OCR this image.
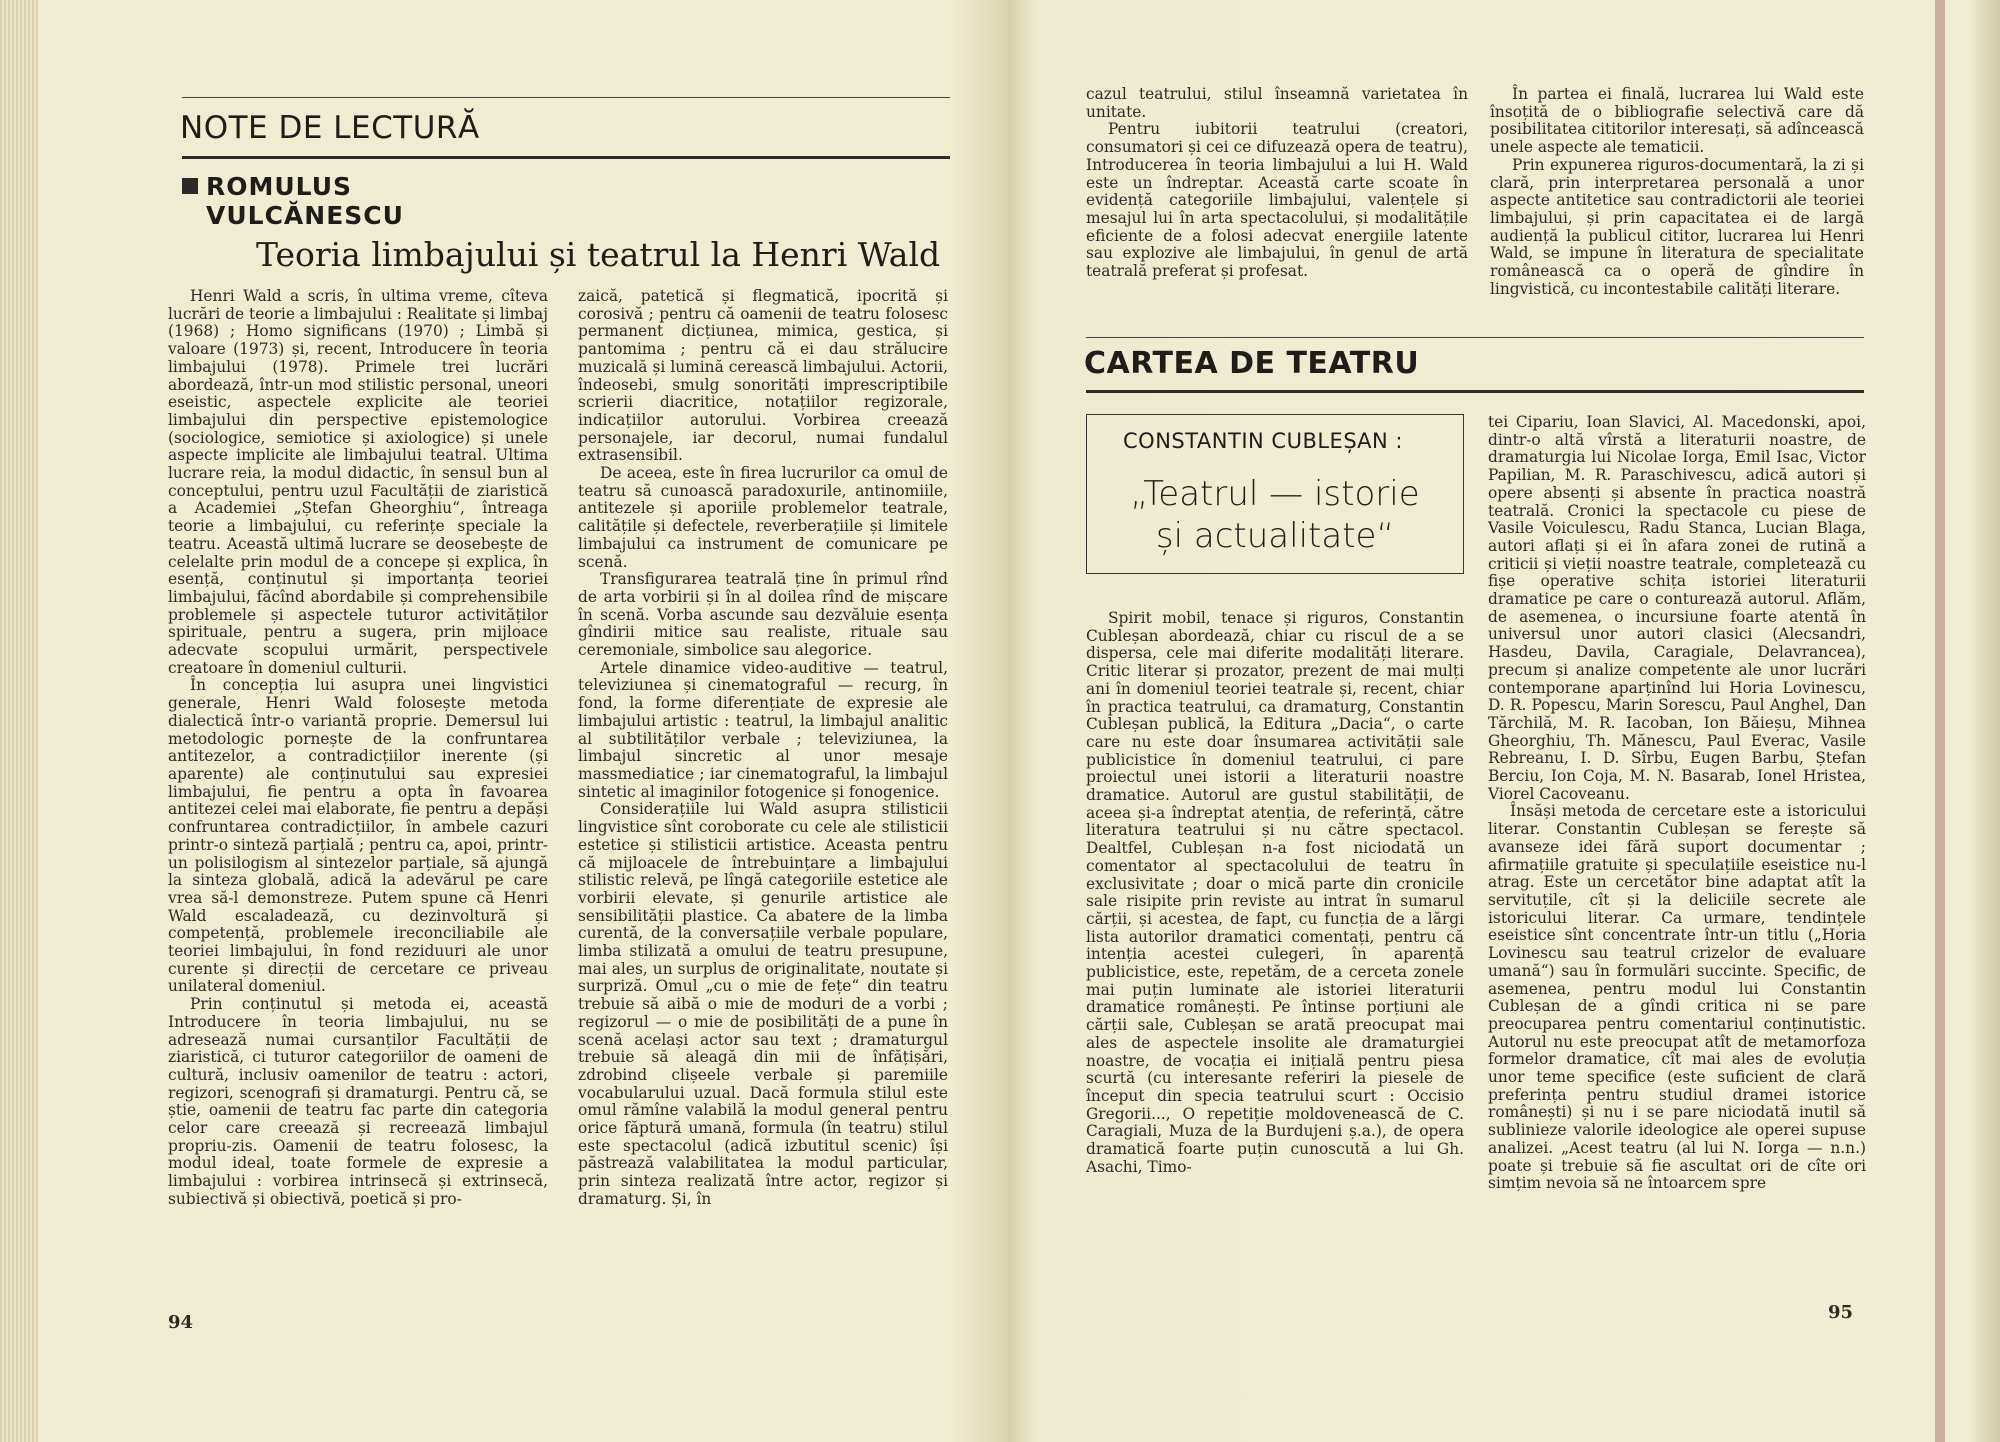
NOTE DE LECTURĂ
ROMULUS
VULCĂNESCU
Teoria limbajului și teatrul la Henri Wald

Henri Wald a scris, în ultima vreme, cîteva lucrări de teorie a limbajului : Realitate și limbaj (1968) ; Homo significans (1970) ; Limbă și valoare (1973) și, recent, Introducere în teoria limbajului (1978). Primele trei lucrări abordează, într-un mod stilistic personal, uneori eseistic, aspectele explicite ale teoriei limbajului din perspective epistemologice (sociologice, semiotice și axiologice) și unele aspecte implicite ale limbajului teatral. Ultima lucrare reia, la modul didactic, în sensul bun al conceptului, pentru uzul Facultății de ziaristică a Academiei „Ștefan Gheorghiu“, întreaga teorie a limbajului, cu referințe speciale la teatru. Această ultimă lucrare se deosebește de celelalte prin modul de a concepe și explica, în esență, conținutul și importanța teoriei limbajului, făcînd abordabile și comprehensibile problemele și aspectele tuturor activităților spirituale, pentru a sugera, prin mijloace adecvate scopului urmărit, perspectivele creatoare în domeniul culturii.

În concepția lui asupra unei lingvistici generale, Henri Wald folosește metoda dialectică într-o variantă proprie. Demersul lui metodologic pornește de la confruntarea antitezelor, a contradicțiilor inerente (și aparente) ale conținutului sau expresiei limbajului, fie pentru a opta în favoarea antitezei celei mai elaborate, fie pentru a depăși confruntarea contradicțiilor, în ambele cazuri printr-o sinteză parțială ; pentru ca, apoi, printr-un polisilogism al sintezelor parțiale, să ajungă la sinteza globală, adică la adevărul pe care vrea să-l demonstreze. Putem spune că Henri Wald escaladează, cu dezinvoltură și competență, problemele ireconciliabile ale teoriei limbajului, în fond reziduuri ale unor curente și direcții de cercetare ce priveau unilateral domeniul.

Prin conținutul și metoda ei, această Introducere în teoria limbajului, nu se adresează numai cursanților Facultății de ziaristică, ci tuturor categoriilor de oameni de cultură, inclusiv oamenilor de teatru : actori, regizori, scenografi și dramaturgi. Pentru că, se știe, oamenii de teatru fac parte din categoria celor care creează și recreează limbajul propriu-zis. Oamenii de teatru folosesc, la modul ideal, toate formele de expresie a limbajului : vorbirea intrinsecă și extrinsecă, subiectivă și obiectivă, poetică și pro-

zaică, patetică și flegmatică, ipocrită și corosivă ; pentru că oamenii de teatru folosesc permanent dicțiunea, mimica, gestica, și pantomima ; pentru că ei dau strălucire muzicală și lumină cerească limbajului. Actorii, îndeosebi, smulg sonorități imprescriptibile scrierii diacritice, notațiilor regizorale, indicațiilor autorului. Vorbirea creează personajele, iar decorul, numai fundalul extrasensibil.

De aceea, este în firea lucrurilor ca omul de teatru să cunoască paradoxurile, antinomiile, antitezele și aporiile problemelor teatrale, calitățile și defectele, reverberațiile și limitele limbajului ca instrument de comunicare pe scenă.

Transfigurarea teatrală ține în primul rînd de arta vorbirii și în al doilea rînd de mișcare în scenă. Vorba ascunde sau dezvăluie esența gîndirii mitice sau realiste, rituale sau ceremoniale, simbolice sau alegorice.

Artele dinamice video-auditive — teatrul, televiziunea și cinematograful — recurg, în fond, la forme diferențiate de expresie ale limbajului artistic : teatrul, la limbajul analitic al subtilităților verbale ; televiziunea, la limbajul sincretic al unor mesaje massmediatice ; iar cinematograful, la limbajul sintetic al imaginilor fotogenice și fonogenice.

Considerațiile lui Wald asupra stilisticii lingvistice sînt coroborate cu cele ale stilisticii estetice și stilisticii artistice. Aceasta pentru că mijloacele de întrebuințare a limbajului stilistic relevă, pe lîngă categoriile estetice ale vorbirii elevate, și genurile artistice ale sensibilității plastice. Ca abatere de la limba curentă, de la conversațiile verbale populare, limba stilizată a omului de teatru presupune, mai ales, un surplus de originalitate, noutate și surpriză. Omul „cu o mie de fețe“ din teatru trebuie să aibă o mie de moduri de a vorbi ; regizorul — o mie de posibilități de a pune în scenă același actor sau text ; dramaturgul trebuie să aleagă din mii de înfățișări, zdrobind clișeele verbale și paremiile vocabularului uzual. Dacă formula stilul este omul rămîne valabilă la modul general pentru orice făptură umană, formula (în teatru) stilul este spectacolul (adică izbutitul scenic) își păstrează valabilitatea la modul particular, prin sinteza realizată între actor, regizor și dramaturg. Și, în

94

cazul teatrului, stilul înseamnă varietatea în unitate.

Pentru iubitorii teatrului (creatori, consumatori și cei ce difuzează opera de teatru), Introducerea în teoria limbajului a lui H. Wald este un îndreptar. Această carte scoate în evidență categoriile limbajului, valențele și mesajul lui în arta spectacolului, și modalitățile eficiente de a folosi adecvat energiile latente sau explozive ale limbajului, în genul de artă teatrală preferat și profesat.

În partea ei finală, lucrarea lui Wald este însoțită de o bibliografie selectivă care dă posibilitatea cititorilor interesați, să adîncească unele aspecte ale tematicii.

Prin expunerea riguros-documentară, la zi și clară, prin interpretarea personală a unor aspecte antitetice sau contradictorii ale teoriei limbajului, și prin capacitatea ei de largă audiență la publicul cititor, lucrarea lui Henri Wald, se impune în literatura de specialitate românească ca o operă de gîndire în lingvistică, cu incontestabile calități literare.

CARTEA DE TEATRU
CONSTANTIN CUBLEȘAN :
„Teatrul — istorie
și actualitate“

Spirit mobil, tenace și riguros, Constantin Cubleșan abordează, chiar cu riscul de a se dispersa, cele mai diferite modalități literare. Critic literar și prozator, prezent de mai mulți ani în domeniul teoriei teatrale și, recent, chiar în practica teatrului, ca dramaturg, Constantin Cubleșan publică, la Editura „Dacia“, o carte care nu este doar însumarea activității sale publicistice în domeniul teatrului, ci pare proiectul unei istorii a literaturii noastre dramatice. Autorul are gustul stabilității, de aceea și-a îndreptat atenția, de referință, către literatura teatrului și nu către spectacol. Dealtfel, Cubleșan n-a fost niciodată un comentator al spectacolului de teatru în exclusivitate ; doar o mică parte din cronicile sale risipite prin reviste au intrat în sumarul cărții, și acestea, de fapt, cu funcția de a lărgi lista autorilor dramatici comentați, pentru că intenția acestei culegeri, în aparență publicistice, este, repetăm, de a cerceta zonele mai puțin luminate ale istoriei literaturii dramatice românești. Pe întinse porțiuni ale cărții sale, Cubleșan se arată preocupat mai ales de aspectele insolite ale dramaturgiei noastre, de vocația ei inițială pentru piesa scurtă (cu interesante referiri la piesele de început din specia teatrului scurt : Occisio Gregorii..., O repetiție moldovenească de C. Caragiali, Muza de la Burdujeni ș.a.), de opera dramatică foarte puțin cunoscută a lui Gh. Asachi, Timo-

tei Cipariu, Ioan Slavici, Al. Macedonski, apoi, dintr-o altă vîrstă a literaturii noastre, de dramaturgia lui Nicolae Iorga, Emil Isac, Victor Papilian, M. R. Paraschivescu, adică autori și opere absenți și absente în practica noastră teatrală. Cronici la spectacole cu piese de Vasile Voiculescu, Radu Stanca, Lucian Blaga, autori aflați și ei în afara zonei de rutină a criticii și vieții noastre teatrale, completează cu fișe operative schița istoriei literaturii dramatice pe care o conturează autorul. Aflăm, de asemenea, o incursiune foarte atentă în universul unor autori clasici (Alecsandri, Hasdeu, Davila, Caragiale, Delavrancea), precum și analize competente ale unor lucrări contemporane aparținînd lui Horia Lovinescu, D. R. Popescu, Marin Sorescu, Paul Anghel, Dan Tărchilă, M. R. Iacoban, Ion Băieșu, Mihnea Gheorghiu, Th. Mănescu, Paul Everac, Vasile Rebreanu, I. D. Sîrbu, Eugen Barbu, Ștefan Berciu, Ion Coja, M. N. Basarab, Ionel Hristea, Viorel Cacoveanu.

Însăși metoda de cercetare este a istoricului literar. Constantin Cubleșan se ferește să avanseze idei fără suport documentar ; afirmațiile gratuite și speculațiile eseistice nu-l atrag. Este un cercetător bine adaptat atît la servituțile, cît și la deliciile secrete ale istoricului literar. Ca urmare, tendințele eseistice sînt concentrate într-un titlu („Horia Lovinescu sau teatrul crizelor de evaluare umană“) sau în formulări succinte. Specific, de asemenea, pentru modul lui Constantin Cubleșan de a gîndi critica ni se pare preocuparea pentru comentariul conținutistic. Autorul nu este preocupat atît de metamorfoza formelor dramatice, cît mai ales de evoluția unor teme specifice (este suficient de clară preferința pentru studiul dramei istorice românești) și nu i se pare niciodată inutil să sublinieze valorile ideologice ale operei supuse analizei. „Acest teatru (al lui N. Iorga — n.n.) poate și trebuie să fie ascultat ori de cîte ori simțim nevoia să ne întoarcem spre

95
